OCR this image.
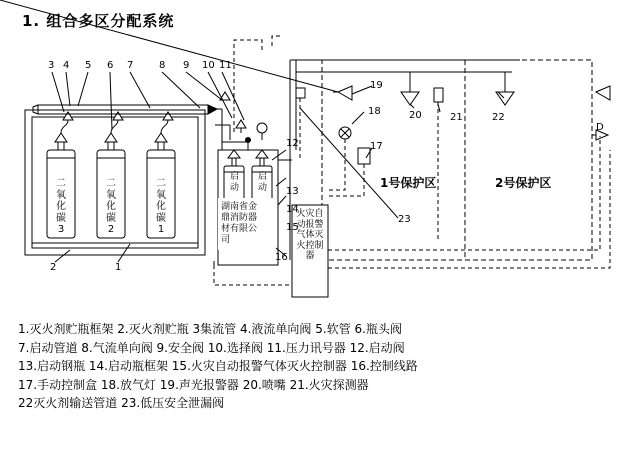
1. 组合多区分配系统
二
氧
化
碳
3
二
氧
化
碳
2
二
氧
化
碳
1
启
动
启
动
湖南省金
鼎消防器
材有限公
司
火灾自
动报警
气体灭
火控制
器
1号保护区	2号保护区
3 4 5 6 7	8 9 10 11
12
13
14
15
16
17
18
19
20	21	22
23
1
2
D
1.灭火剂贮瓶框架 2.灭火剂贮瓶 3集流管 4.液流单向阀 5.软管 6.瓶头阀
7.启动管道 8.气流单向阀 9.安全阀 10.选择阀 11.压力讯号器 12.启动阀
13.启动钢瓶 14.启动瓶框架 15.火灾自动报警气体灭火控制器 16.控制线路
17.手动控制盒 18.放气灯 19.声光报警器 20.喷嘴 21.火灾探测器
22灭火剂输送管道 23.低压安全泄漏阀
